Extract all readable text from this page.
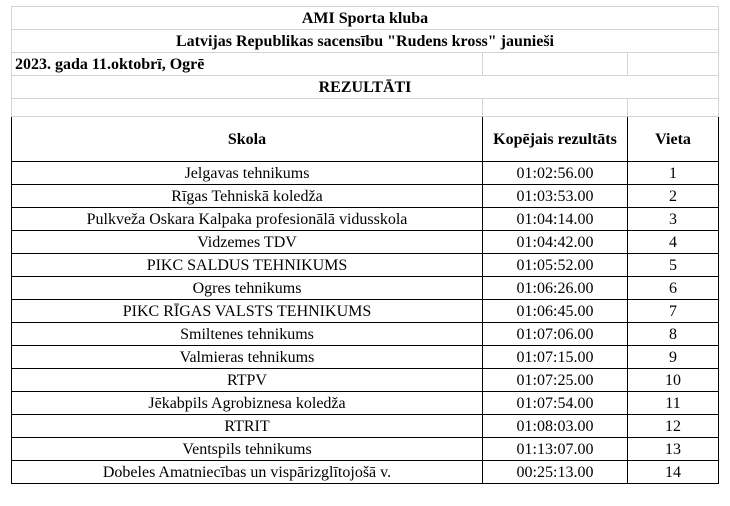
AMI Sporta kluba		
Latvijas Republikas sacensību "Rudens kross" jaunieši		
2023. gada 11.oktobrī, Ogrē		
REZULTĀTI		

Skola	Kopējais rezultāts	Vieta
Jelgavas tehnikums	01:02:56.00	1
Rīgas Tehniskā koledža	01:03:53.00	2
Pulkveža Oskara Kalpaka profesionālā vidusskola	01:04:14.00	3
Vidzemes TDV	01:04:42.00	4
PIKC SALDUS TEHNIKUMS	01:05:52.00	5
Ogres tehnikums	01:06:26.00	6
PIKC RĪGAS VALSTS TEHNIKUMS	01:06:45.00	7
Smiltenes tehnikums	01:07:06.00	8
Valmieras tehnikums	01:07:15.00	9
RTPV	01:07:25.00	10
Jēkabpils Agrobiznesa koledža	01:07:54.00	11
RTRIT	01:08:03.00	12
Ventspils tehnikums	01:13:07.00	13
Dobeles Amatniecības un vispārizglītojošā v.	00:25:13.00	14
